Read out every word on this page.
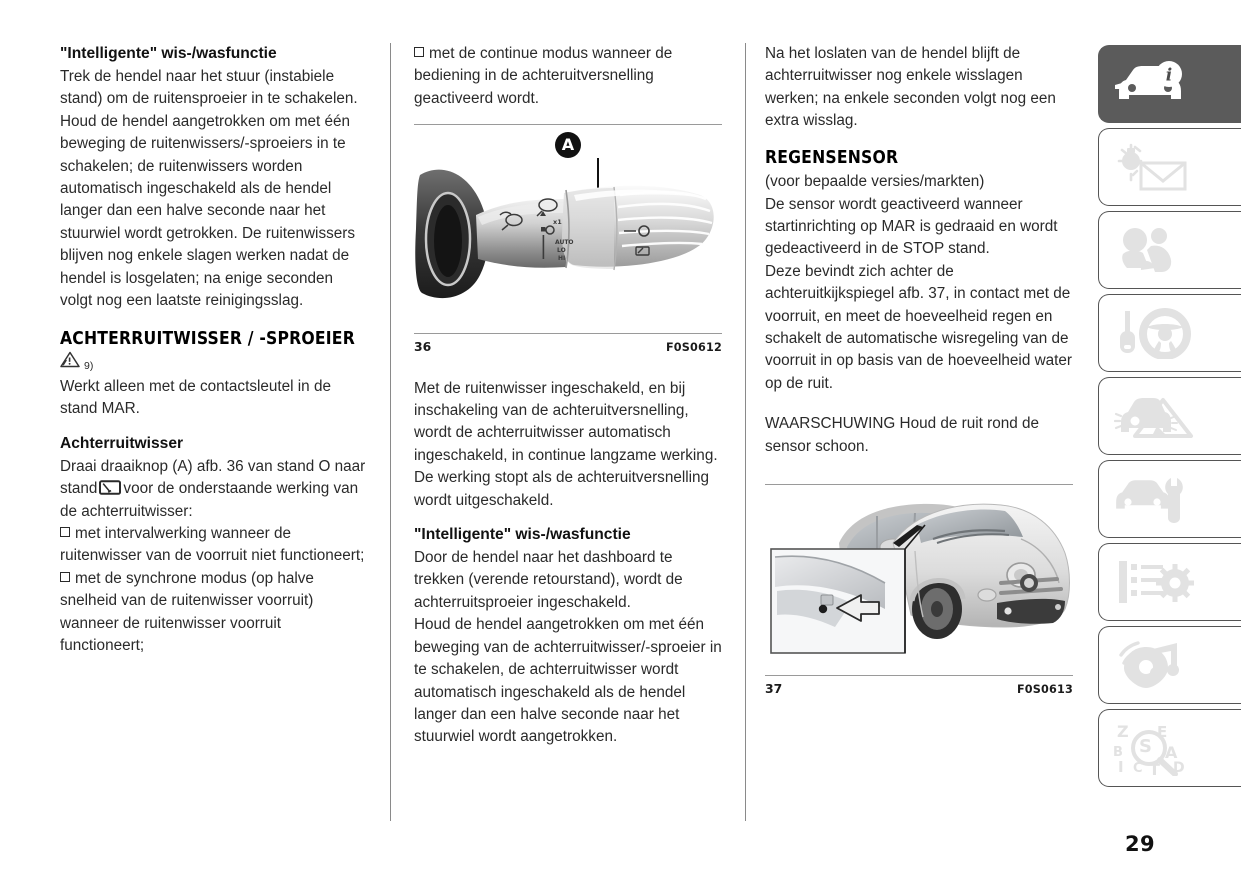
"Intelligente" wis-/wasfunctie

Trek de hendel naar het stuur (instabiele stand) om de ruitensproeier in te schakelen.

Houd de hendel aangetrokken om met één beweging de ruitenwissers/-sproeiers in te schakelen; de ruitenwissers worden automatisch ingeschakeld als de hendel langer dan een halve seconde naar het stuurwiel wordt getrokken. De ruitenwissers blijven nog enkele slagen werken nadat de hendel is losgelaten; na enige seconden volgt nog een laatste reinigingsslag.

ACHTERRUITWISSER / -SPROEIER
9)

Werkt alleen met de contactsleutel in de stand MAR.

Achterruitwisser

Draai draaiknop (A) afb. 36 van stand O naar stand voor de onderstaande werking van de achterruitwisser:

met intervalwerking wanneer de ruitenwisser van de voorruit niet functioneert;

met de synchrone modus (op halve snelheid van de ruitenwisser voorruit) wanneer de ruitenwisser voorruit functioneert;

met de continue modus wanneer de bediening in de achteruitversnelling geactiveerd wordt.

A
x1
AUTO
LO
HI
36	F0S0612

Met de ruitenwisser ingeschakeld, en bij inschakeling van de achteruitversnelling, wordt de achterruitwisser automatisch ingeschakeld, in continue langzame werking. De werking stopt als de achteruitversnelling wordt uitgeschakeld.

"Intelligente" wis-/wasfunctie

Door de hendel naar het dashboard te trekken (verende retourstand), wordt de achterruitsproeier ingeschakeld.

Houd de hendel aangetrokken om met één beweging van de achterruitwisser/-sproeier in te schakelen, de achterruitwisser wordt automatisch ingeschakeld als de hendel langer dan een halve seconde naar het stuurwiel wordt aangetrokken.

Na het loslaten van de hendel blijft de achterruitwisser nog enkele wisslagen werken; na enkele seconden volgt nog een extra wisslag.

REGENSENSOR

(voor bepaalde versies/markten)

De sensor wordt geactiveerd wanneer startinrichting op MAR is gedraaid en wordt gedeactiveerd in de STOP stand.

Deze bevindt zich achter de achteruitkijkspiegel afb. 37, in contact met de voorruit, en meet de hoeveelheid regen en schakelt de automatische wisregeling van de voorruit in op basis van de hoeveelheid water op de ruit.

WAARSCHUWING Houd de ruit rond de sensor schoon.

37	F0S0613
i
Z
B
I C T
E
A
D
S
29
